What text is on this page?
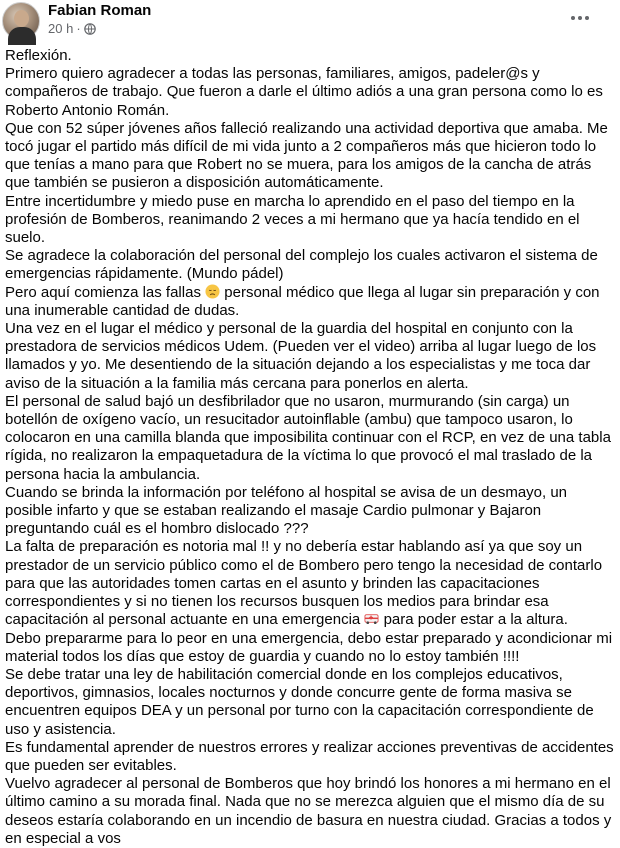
Fabian Roman
20 h ·

Reflexión.

Primero quiero agradecer a todas las personas, familiares, amigos, padeler@s y compañeros de trabajo. Que fueron a darle el último adiós a una gran persona como lo es Roberto Antonio Román.

Que con 52 súper jóvenes años falleció realizando una actividad deportiva que amaba. Me tocó jugar el partido más difícil de mi vida junto a 2 compañeros más que hicieron todo lo que tenías a mano para que Robert no se muera, para los amigos de la cancha de atrás que también se pusieron a disposición automáticamente.

Entre incertidumbre y miedo puse en marcha lo aprendido en el paso del tiempo en la profesión de Bomberos, reanimando 2 veces a mi hermano que ya hacía tendido en el suelo.

Se agradece la colaboración del personal del complejo los cuales activaron el sistema de emergencias rápidamente. (Mundo pádel)

Pero aquí comienza las fallas  personal médico que llega al lugar sin preparación y con una inumerable cantidad de dudas.

Una vez en el lugar el médico y personal de la guardia del hospital en conjunto con la prestadora de servicios médicos Udem. (Pueden ver el video) arriba al lugar luego de los llamados y yo. Me desentiendo de la situación dejando a los especialistas y me toca dar aviso de la situación a la familia más cercana para ponerlos en alerta.

El personal de salud bajó un desfibrilador que no usaron, murmurando (sin carga) un botellón de oxígeno vacío, un resucitador autoinflable (ambu) que tampoco usaron, lo colocaron en una camilla blanda que imposibilita continuar con el RCP, en vez de una tabla rígida, no realizaron la empaquetadura de la víctima lo que provocó el mal traslado de la persona hacia la ambulancia.

Cuando se brinda la información por teléfono al hospital se avisa de un desmayo, un posible infarto y que se estaban realizando el masaje Cardio pulmonar y Bajaron preguntando cuál es el hombro dislocado ???

La falta de preparación es notoria mal !! y no debería estar hablando así ya que soy un prestador de un servicio público como el de Bombero pero tengo la necesidad de contarlo para que las autoridades tomen cartas en el asunto y brinden las capacitaciones correspondientes y si no tienen los recursos busquen los medios para brindar esa capacitación al personal actuante en una emergencia  para poder estar a la altura.

Debo prepararme para lo peor en una emergencia, debo estar preparado y acondicionar mi material todos los días que estoy de guardia y cuando no lo estoy también !!!!

Se debe tratar una ley de habilitación comercial donde en los complejos educativos, deportivos, gimnasios, locales nocturnos y donde concurre gente de forma masiva se encuentren equipos DEA y un personal por turno con la capacitación correspondiente de uso y asistencia.

Es fundamental aprender de nuestros errores y realizar acciones preventivas de accidentes que pueden ser evitables.

Vuelvo agradecer al personal de Bomberos que hoy brindó los honores a mi hermano en el último camino a su morada final. Nada que no se merezca alguien que el mismo día de su deseos estaría colaborando en un incendio de basura en nuestra ciudad. Gracias a todos y en especial a vos
